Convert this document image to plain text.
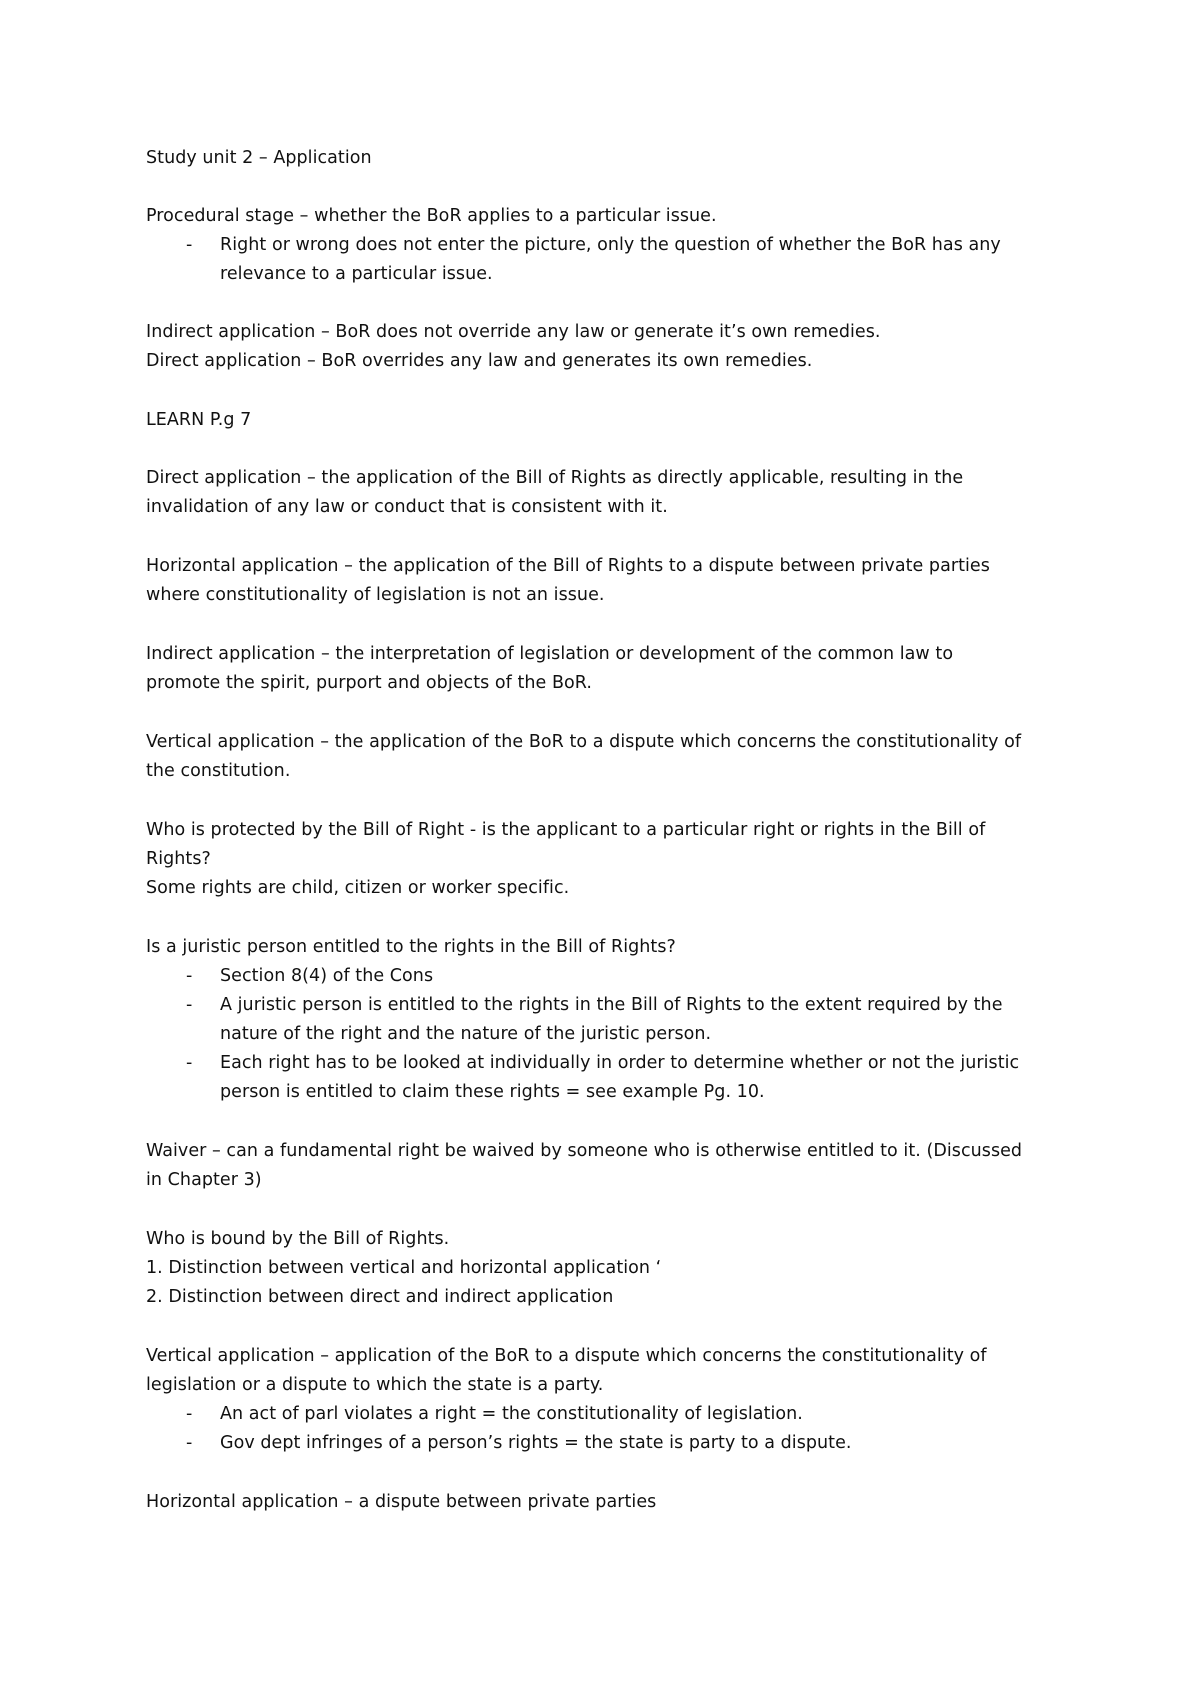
Study unit 2 – Application
Procedural stage – whether the BoR applies to a particular issue.
- Right or wrong does not enter the picture, only the question of whether the BoR has any
relevance to a particular issue.
Indirect application – BoR does not override any law or generate it’s own remedies.
Direct application – BoR overrides any law and generates its own remedies.
LEARN P.g 7
Direct application – the application of the Bill of Rights as directly applicable, resulting in the
invalidation of any law or conduct that is consistent with it.
Horizontal application – the application of the Bill of Rights to a dispute between private parties
where constitutionality of legislation is not an issue.
Indirect application – the interpretation of legislation or development of the common law to
promote the spirit, purport and objects of the BoR.
Vertical application – the application of the BoR to a dispute which concerns the constitutionality of
the constitution.
Who is protected by the Bill of Right - is the applicant to a particular right or rights in the Bill of
Rights?
Some rights are child, citizen or worker specific.
Is a juristic person entitled to the rights in the Bill of Rights?
- Section 8(4) of the Cons
- A juristic person is entitled to the rights in the Bill of Rights to the extent required by the
nature of the right and the nature of the juristic person.
- Each right has to be looked at individually in order to determine whether or not the juristic
person is entitled to claim these rights = see example Pg. 10.
Waiver – can a fundamental right be waived by someone who is otherwise entitled to it. (Discussed
in Chapter 3)
Who is bound by the Bill of Rights.
1. Distinction between vertical and horizontal application ‘
2. Distinction between direct and indirect application
Vertical application – application of the BoR to a dispute which concerns the constitutionality of
legislation or a dispute to which the state is a party.
- An act of parl violates a right = the constitutionality of legislation.
- Gov dept infringes of a person’s rights = the state is party to a dispute.
Horizontal application – a dispute between private parties
